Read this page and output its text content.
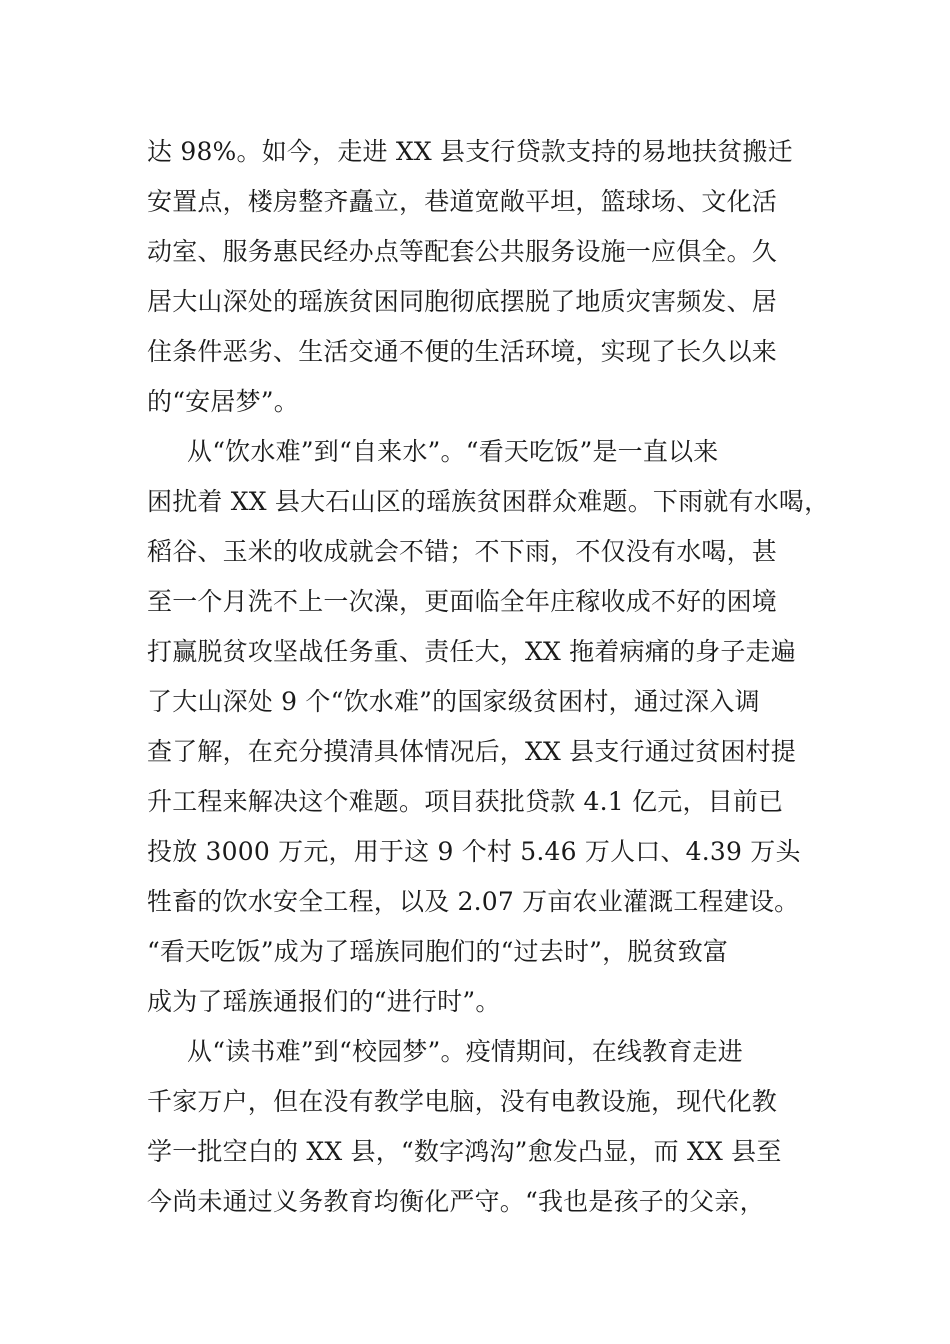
达 98%。如今，走进 XX 县支行贷款支持的易地扶贫搬迁
安置点，楼房整齐矗立，巷道宽敞平坦，篮球场、文化活
动室、服务惠民经办点等配套公共服务设施一应俱全。久
居大山深处的瑶族贫困同胞彻底摆脱了地质灾害频发、居
住条件恶劣、生活交通不便的生活环境，实现了长久以来
的“安居梦”。
从“饮水难”到“自来水”。“看天吃饭”是一直以来
困扰着 XX 县大石山区的瑶族贫困群众难题。下雨就有水喝，
稻谷、玉米的收成就会不错；不下雨，不仅没有水喝，甚
至一个月洗不上一次澡，更面临全年庄稼收成不好的困境
打赢脱贫攻坚战任务重、责任大，XX 拖着病痛的身子走遍
了大山深处 9 个“饮水难”的国家级贫困村，通过深入调
查了解，在充分摸清具体情况后，XX 县支行通过贫困村提
升工程来解决这个难题。项目获批贷款 4.1 亿元，目前已
投放 3000 万元，用于这 9 个村 5.46 万人口、4.39 万头
牲畜的饮水安全工程，以及 2.07 万亩农业灌溉工程建设。
“看天吃饭”成为了瑶族同胞们的“过去时”，脱贫致富
成为了瑶族通报们的“进行时”。
从“读书难”到“校园梦”。疫情期间，在线教育走进
千家万户，但在没有教学电脑，没有电教设施，现代化教
学一批空白的 XX 县，“数字鸿沟”愈发凸显，而 XX 县至
今尚未通过义务教育均衡化严守。“我也是孩子的父亲，
